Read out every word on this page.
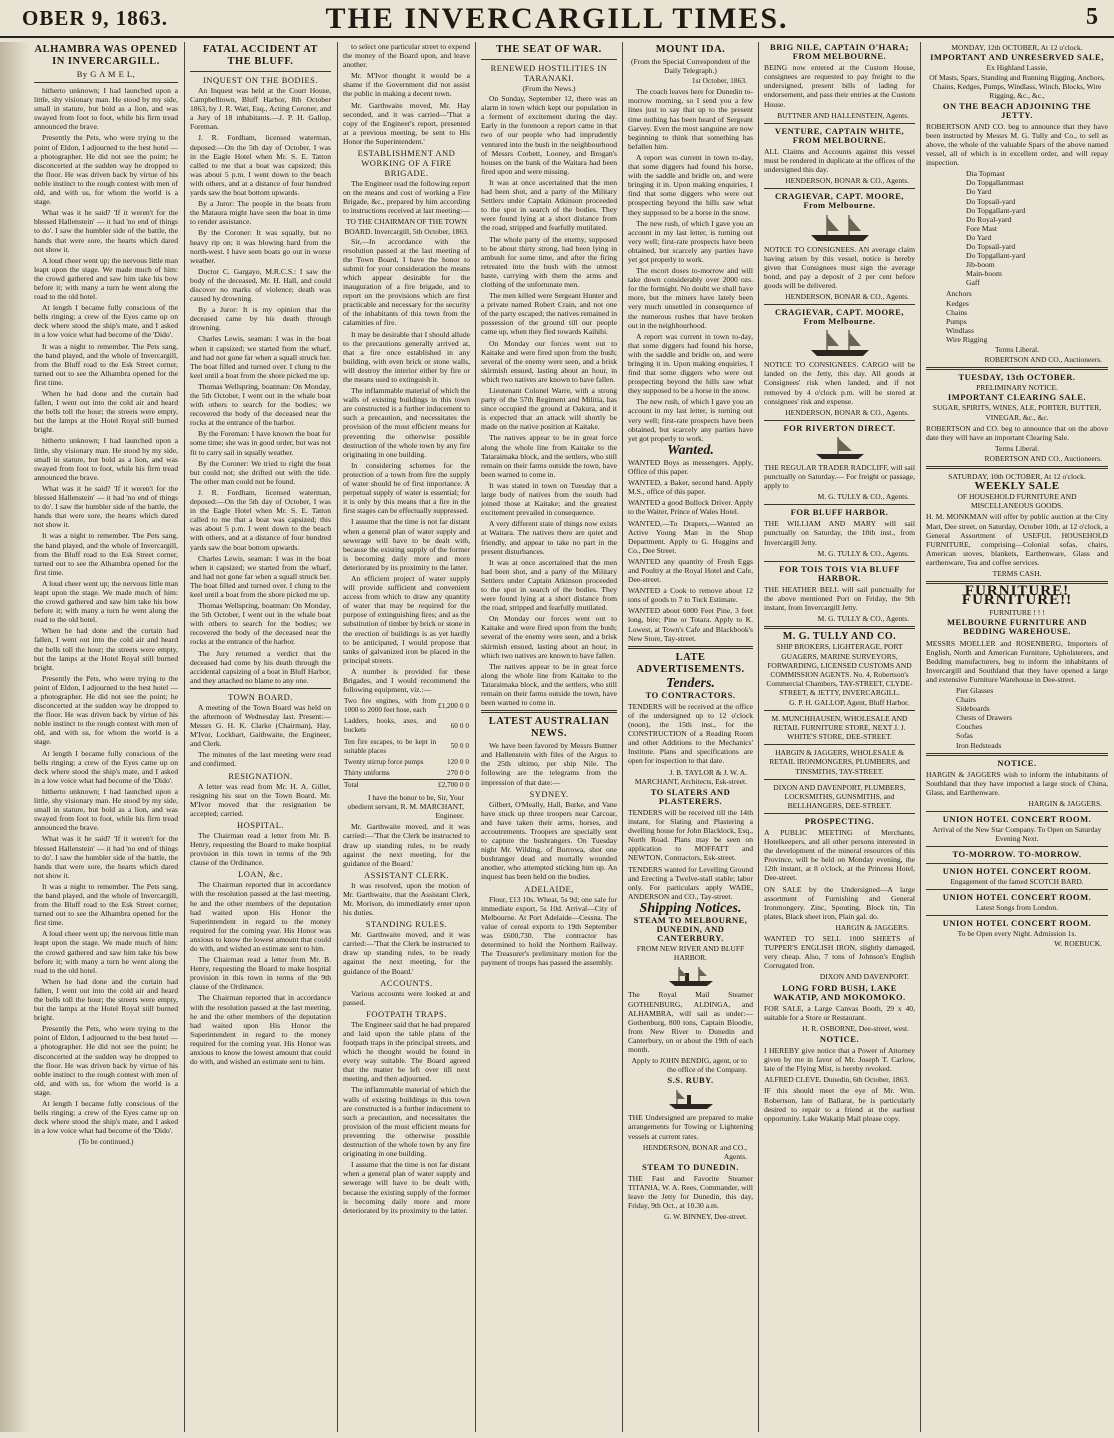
OBER 9, 1863.	THE INVERCARGILL TIMES.	5
ALHAMBRA WAS OPENED IN INVERCARGILL.
By G A M E L,

hitherto unknown; I had launched upon a little, shy visionary man. He stood by my side, small in stature, but bold as a lion, and was swayed from foot to foot, while his firm tread announced the brave.

Presently the Pets, who were trying to the point of Eldon, I adjourned to the best hotel — a photographer. He did not see the point; he disconcerted at the sudden way he dropped to the floor. He was driven back by virtue of his noble instinct to the rough contest with men of old, and with us, for whom the world is a stage.

What was it he said? 'If it weren't for the blessed Hallenstein' — it had 'no end of things to do'. I saw the humbler side of the battle, the hands that were sore, the hearts which dared not show it.

A loud cheer went up; the nervous little man leapt upon the stage. We made much of him: the crowd gathered and saw him take his bow before it; with many a turn he went along the road to the old hotel.

At length I became fully conscious of the bells ringing; a crew of the Eyes came up on deck where stood the ship's mate, and I asked in a low voice what had become of the 'Dido'.

It was a night to remember. The Pets sang, the band played, and the whole of Invercargill, from the Bluff road to the Esk Street corner, turned out to see the Alhambra opened for the first time.

When he had done and the curtain had fallen, I went out into the cold air and heard the bells toll the hour; the streets were empty, but the lamps at the Hotel Royal still burned bright.

hitherto unknown; I had launched upon a little, shy visionary man. He stood by my side, small in stature, but bold as a lion, and was swayed from foot to foot, while his firm tread announced the brave.

What was it he said? 'If it weren't for the blessed Hallenstein' — it had 'no end of things to do'. I saw the humbler side of the battle, the hands that were sore, the hearts which dared not show it.

It was a night to remember. The Pets sang, the band played, and the whole of Invercargill, from the Bluff road to the Esk Street corner, turned out to see the Alhambra opened for the first time.

A loud cheer went up; the nervous little man leapt upon the stage. We made much of him: the crowd gathered and saw him take his bow before it; with many a turn he went along the road to the old hotel.

When he had done and the curtain had fallen, I went out into the cold air and heard the bells toll the hour; the streets were empty, but the lamps at the Hotel Royal still burned bright.

Presently the Pets, who were trying to the point of Eldon, I adjourned to the best hotel — a photographer. He did not see the point; he disconcerted at the sudden way he dropped to the floor. He was driven back by virtue of his noble instinct to the rough contest with men of old, and with us, for whom the world is a stage.

At length I became fully conscious of the bells ringing; a crew of the Eyes came up on deck where stood the ship's mate, and I asked in a low voice what had become of the 'Dido'.

hitherto unknown; I had launched upon a little, shy visionary man. He stood by my side, small in stature, but bold as a lion, and was swayed from foot to foot, while his firm tread announced the brave.

What was it he said? 'If it weren't for the blessed Hallenstein' — it had 'no end of things to do'. I saw the humbler side of the battle, the hands that were sore, the hearts which dared not show it.

It was a night to remember. The Pets sang, the band played, and the whole of Invercargill, from the Bluff road to the Esk Street corner, turned out to see the Alhambra opened for the first time.

A loud cheer went up; the nervous little man leapt upon the stage. We made much of him: the crowd gathered and saw him take his bow before it; with many a turn he went along the road to the old hotel.

When he had done and the curtain had fallen, I went out into the cold air and heard the bells toll the hour; the streets were empty, but the lamps at the Hotel Royal still burned bright.

Presently the Pets, who were trying to the point of Eldon, I adjourned to the best hotel — a photographer. He did not see the point; he disconcerted at the sudden way he dropped to the floor. He was driven back by virtue of his noble instinct to the rough contest with men of old, and with us, for whom the world is a stage.

At length I became fully conscious of the bells ringing; a crew of the Eyes came up on deck where stood the ship's mate, and I asked in a low voice what had become of the 'Dido'.

(To be continued.)
FATAL ACCIDENT AT THE BLUFF.
INQUEST ON THE BODIES.

An Inquest was held at the Court House, Campbelltown, Bluff Harbor, 8th October 1863, by J. R. Watt, Esq., Acting Coroner, and a Jury of 18 inhabitants.—J. P. H. Gallop, Foreman.

J. R. Fordham, licensed waterman, deposed:—On the 5th day of October, I was in the Eagle Hotel when Mr. S. E. Tatton called to me that a boat was capsized; this was about 5 p.m. I went down to the beach with others, and at a distance of four hundred yards saw the boat bottom upwards.

By a Juror: The people in the boats from the Mataura might have seen the boat in time to render assistance.

By the Coroner: It was squally, but no heavy rip on; it was blowing hard from the north-west. I have seen boats go out in worse weather.

Doctor C. Gargayo, M.R.C.S.: I saw the body of the deceased, Mr. H. Hall, and could discover no marks of violence; death was caused by drowning.

By a Juror: It is my opinion that the deceased came by his death through drowning.

Charles Lewis, seaman: I was in the boat when it capsized; we started from the wharf, and had not gone far when a squall struck her. The boat filled and turned over. I clung to the keel until a boat from the shore picked me up.

Thomas Wellspring, boatman: On Monday, the 5th October, I went out in the whale boat with others to search for the bodies; we recovered the body of the deceased near the rocks at the entrance of the harbor.

By the Foreman: I have known the boat for some time; she was in good order, but was not fit to carry sail in squally weather.

By the Coroner: We tried to right the boat but could not; she drifted out with the tide. The other man could not be found.

J. R. Fordham, licensed waterman, deposed:—On the 5th day of October, I was in the Eagle Hotel when Mr. S. E. Tatton called to me that a boat was capsized; this was about 5 p.m. I went down to the beach with others, and at a distance of four hundred yards saw the boat bottom upwards.

Charles Lewis, seaman: I was in the boat when it capsized; we started from the wharf, and had not gone far when a squall struck her. The boat filled and turned over. I clung to the keel until a boat from the shore picked me up.

Thomas Wellspring, boatman: On Monday, the 5th October, I went out in the whale boat with others to search for the bodies; we recovered the body of the deceased near the rocks at the entrance of the harbor.

The Jury returned a verdict that the deceased had come by his death through the accidental capsizing of a boat in Bluff Harbor, and they attached no blame to any one.

TOWN BOARD.

A meeting of the Town Board was held on the afternoon of Wednesday last. Present:—Messrs G. H. K. Clarke (Chairman), Hay, M'Ivor, Lockhart, Gaithwaite, the Engineer, and Clerk.

The minutes of the last meeting were read and confirmed.

RESIGNATION.

A letter was read from Mr. H. A. Gillet, resigning his seat on the Town Board. Mr. M'Ivor moved that the resignation be accepted; carried.

HOSPITAL.

The Chairman read a letter from Mr. B. Henry, requesting the Board to make hospital provision in this town in terms of the 9th clause of the Ordinance.

LOAN, &c.

The Chairman reported that in accordance with the resolution passed at the last meeting, he and the other members of the deputation had waited upon His Honor the Superintendent in regard to the money required for the coming year. His Honor was anxious to know the lowest amount that could do with, and wished an estimate sent to him.

The Chairman read a letter from Mr. B. Henry, requesting the Board to make hospital provision in this town in terms of the 9th clause of the Ordinance.

The Chairman reported that in accordance with the resolution passed at the last meeting, he and the other members of the deputation had waited upon His Honor the Superintendent in regard to the money required for the coming year. His Honor was anxious to know the lowest amount that could do with, and wished an estimate sent to him.

to select one particular street to expend the money of the Board upon, and leave another.

Mr. M'Ivor thought it would be a shame if the Government did not assist the public in making a decent town.

Mr. Garthwaite moved, Mr. Hay seconded, and it was carried—'That a copy of the Engineer's report, presented at a previous meeting, be sent to His Honor the Superintendent.'

ESTABLISHMENT AND WORKING OF A FIRE BRIGADE.

The Engineer read the following report on the means and cost of working a Fire Brigade, &c., prepared by him according to instructions received at last meeting:—

TO THE CHAIRMAN OF THE TOWN BOARD. Invercargill, 5th October, 1863.

Sir,—In accordance with the resolution passed at the last meeting of the Town Board, I have the honor to submit for your consideration the means which appear desirable for the inauguration of a fire brigade, and to report on the provisions which are first practicable and necessary for the security of the inhabitants of this town from the calamities of fire.

It may be desirable that I should allude to the precautions generally arrived at, that a fire once established in any building, with even brick or stone walls, will destroy the interior either by fire or the means used to extinguish it.

The inflammable material of which the walls of existing buildings in this town are constructed is a further inducement to such a precaution, and necessitates the provision of the most efficient means for preventing the otherwise possible destruction of the whole town by any fire originating in one building.

In considering schemes for the protection of a town from fire the supply of water should be of first importance. A perpetual supply of water is essential; for it is only by this means that a fire in the first stages can be effectually suppressed.

I assume that the time is not far distant when a general plan of water supply and sewerage will have to be dealt with, because the existing supply of the former is becoming daily more and more deteriorated by its proximity to the latter.

An efficient project of water supply will provide sufficient and convenient access from which to draw any quantity of water that may be required for the purpose of extinguishing fires; and as the substitution of timber by brick or stone in the erection of buildings is as yet hardly to be anticipated, I would propose that tanks of galvanized iron be placed in the principal streets.

A number is provided for these Brigades, and I would recommend the following equipment, viz.:—

Two fire engines, with from 1000 to 2000 feet hose, each	£1,200	0	0
Ladders, hooks, axes, and buckets	60	0	0
Ten fire escapes, to be kept in suitable places	50	0	0
Twenty stirrup force pumps	120	0	0
Thirty uniforms	270	0	0
Total	£2,700	0	0
I have the honor to be, Sir, Your obedient servant, R. M. MARCHANT, Engineer.

Mr. Garthwaite moved, and it was carried:—'That the Clerk be instructed to draw up standing rules, to be ready against the next meeting, for the guidance of the Board.'

ASSISTANT CLERK.

It was resolved, upon the motion of Mr. Garthwaite, that the Assistant Clerk, Mr. Morison, do immediately enter upon his duties.

STANDING RULES.

Mr. Garthwaite moved, and it was carried:—'That the Clerk be instructed to draw up standing rules, to be ready against the next meeting, for the guidance of the Board.'

ACCOUNTS.

Various accounts were looked at and passed.

FOOTPATH TRAPS.

The Engineer said that he had prepared and laid upon the table plans of the footpath traps in the principal streets, and which he thought would be found in every way suitable. The Board agreed that the matter be left over till next meeting, and then adjourned.

The inflammable material of which the walls of existing buildings in this town are constructed is a further inducement to such a precaution, and necessitates the provision of the most efficient means for preventing the otherwise possible destruction of the whole town by any fire originating in one building.

I assume that the time is not far distant when a general plan of water supply and sewerage will have to be dealt with, because the existing supply of the former is becoming daily more and more deteriorated by its proximity to the latter.

THE SEAT OF WAR.
RENEWED HOSTILITIES IN TARANAKI.
(From the News.)

On Sunday, September 12, there was an alarm in town which kept our population in a ferment of excitement during the day. Early in the forenoon a report came in that two of our people who had imprudently ventured into the bush in the neighbourhood of Messrs Corbett, Looney, and Brogan's houses on the bank of the Waitara had been fired upon and were missing.

It was at once ascertained that the men had been shot, and a party of the Military Settlers under Captain Atkinson proceeded to the spot in search of the bodies. They were found lying at a short distance from the road, stripped and fearfully mutilated.

The whole party of the enemy, supposed to be about thirty strong, had been lying in ambush for some time, and after the firing retreated into the bush with the utmost haste, carrying with them the arms and clothing of the unfortunate men.

The men killed were Sergeant Hunter and a private named Robert Crain, and not one of the party escaped; the natives remained in possession of the ground till our people came up, when they fled towards Kaihihi.

On Monday our forces went out to Kaitake and were fired upon from the bush; several of the enemy were seen, and a brisk skirmish ensued, lasting about an hour, in which two natives are known to have fallen.

Lieutenant Colonel Warre, with a strong party of the 57th Regiment and Militia, has since occupied the ground at Oakura, and it is expected that an attack will shortly be made on the native position at Kaitake.

The natives appear to be in great force along the whole line from Kaitake to the Tataraimaka block, and the settlers, who still remain on their farms outside the town, have been warned to come in.

It was stated in town on Tuesday that a large body of natives from the south had joined those at Kaitake; and the greatest excitement prevailed in consequence.

A very different state of things now exists at Waitara. The natives there are quiet and friendly, and appear to take no part in the present disturbances.

It was at once ascertained that the men had been shot, and a party of the Military Settlers under Captain Atkinson proceeded to the spot in search of the bodies. They were found lying at a short distance from the road, stripped and fearfully mutilated.

On Monday our forces went out to Kaitake and were fired upon from the bush; several of the enemy were seen, and a brisk skirmish ensued, lasting about an hour, in which two natives are known to have fallen.

The natives appear to be in great force along the whole line from Kaitake to the Tataraimaka block, and the settlers, who still remain on their farms outside the town, have been warned to come in.

LATEST AUSTRALIAN NEWS.

We have been favored by Messrs Buttner and Hallenstein with files of the Argus to the 25th ultimo, per ship Nile. The following are the telegrams from the impression of that date:—

SYDNEY.

Gilbert, O'Meally, Hall, Burke, and Vane have stuck up three troopers near Carcoar, and have taken their arms, horses, and accoutrements. Troopers are specially sent to capture the bushrangers. On Tuesday night Mr. Wilding, of Burrowa, shot one bushranger dead and mortally wounded another, who attempted sticking him up. An inquest has been held on the bodies.

ADELAIDE,

Flour, £13 10s. Wheat, 5s 9d; one sale for immediate export, 5s 10d. Arrival—City of Melbourne. At Port Adelaide—Cessna. The value of cereal exports to 19th September was £600,730. The contractor has determined to hold the Northern Railway. The Treasurer's preliminary motion for the payment of troops has passed the assembly.

MOUNT IDA.
(From the Special Correspondent of the Daily Telegraph.)
1st October, 1863.

The coach leaves here for Dunedin to-morrow morning, so I send you a few lines just to say that up to the present time nothing has been heard of Sergeant Garvey. Even the most sanguine are now beginning to think that something has befallen him.

A report was current in town to-day, that some diggers had found his horse, with the saddle and bridle on, and were bringing it in. Upon making enquiries, I find that some diggers who were out prospecting beyond the hills saw what they supposed to be a horse in the snow.

The new rush, of which I gave you an account in my last letter, is turning out very well; first-rate prospects have been obtained, but scarcely any parties have yet got properly to work.

The escort doses to-morrow and will take down considerably over 2000 ozs. for the fortnight. No doubt we shall have more, but the miners have lately been very much unsettled in consequence of the numerous rushes that have broken out in the neighbourhood.

A report was current in town to-day, that some diggers had found his horse, with the saddle and bridle on, and were bringing it in. Upon making enquiries, I find that some diggers who were out prospecting beyond the hills saw what they supposed to be a horse in the snow.

The new rush, of which I gave you an account in my last letter, is turning out very well; first-rate prospects have been obtained, but scarcely any parties have yet got properly to work.

Wanted.
WANTED Boys as messengers. Apply, Office of this paper.
WANTED, a Baker, second hand. Apply M.S., office of this paper.
WANTED a good Bullock Driver. Apply to the Waiter, Prince of Wales Hotel.
WANTED,—To Drapers,—Wanted an Active Young Man in the Shop Department. Apply to G. Huggins and Co., Dee Street.
WANTED any quantity of Fresh Eggs and Poultry at the Royal Hotel and Cafe, Dee-street.
WANTED a Cook to remove about 12 tons of goods to 7 to Tuck Estimate.
WANTED about 6000 Feet Pine, 3 feet long, bire; Pine or Totara. Apply to K. Lowest, at Town's Cafe and Blackbook's New Store, Tay-street.
LATE ADVERTISEMENTS.
Tenders.
TO CONTRACTORS.
TENDERS will be received at the office of the undersigned up to 12 o'clock (noon), the 15th inst., for the CONSTRUCTION of a Reading Room and other Additions to the Mechanics' Institute. Plans and specifications are open for inspection to that date.
J. B. TAYLOR & J. W. A. MARCHANT, Architects, Esk-street.
TO SLATERS AND PLASTERERS.
TENDERS will be received till the 14th instant, for Slating and Plastering a dwelling house for John Blacklock, Esq., North Road. Plans may be seen on application to MOFFATT and NEWTON, Contractors, Esk-street.
TENDERS wanted for Levelling Ground and Erecting a Twelve-stall stable; labor only. For particulars apply WADE, ANDERSON and CO., Tay-street.
Shipping Notices.
STEAM TO MELBOURNE, DUNEDIN, AND CANTERBURY.
FROM NEW RIVER AND BLUFF HARBOR.
The Royal Mail Steamer GOTHENBURG, ALDINGA, and ALHAMBRA, will sail as under:—Gothenburg, 800 tons, Captain Bloodie, from New River to Dunedin and Canterbury, on or about the 19th of each month.
Apply to JOHN BENDIG, agent, or to the office of the Company.
S.S. RUBY.
THE Undersigned are prepared to make arrangements for Towing or Lightening vessels at current rates.
HENDERSON, BONAR and CO., Agents.
STEAM TO DUNEDIN.
THE Fast and Favorite Steamer TITANIA, W. A. Rees, Commander, will leave the Jetty for Dunedin, this day, Friday, 9th Oct., at 10.30 a.m.
G. W. BINNEY, Dee-street.
BRIG NILE, CAPTAIN O'HARA; FROM MELBOURNE.
BEING now entered at the Custom House, consignees are requested to pay freight to the undersigned, present bills of lading for endorsement, and pass their entries at the Custom House.
BUTTNER AND HALLENSTEIN, Agents.
VENTURE, CAPTAIN WHITE, FROM MELBOURNE.
ALL Claims and Accounts against this vessel must be rendered in duplicate at the offices of the undersigned this day.
HENDERSON, BONAR & CO., Agents.
CRAGIEVAR, CAPT. MOORE, From Melbourne.
NOTICE TO CONSIGNEES. AN average claim having arisen by this vessel, notice is hereby given that Consignees must sign the average bond, and pay a deposit of 2 per cent before goods will be delivered.
HENDERSON, BONAR & CO., Agents.
CRAGIEVAR, CAPT. MOORE, From Melbourne.
NOTICE TO CONSIGNEES. CARGO will be landed on the Jetty, this day. All goods at Consignees' risk when landed, and if not removed by 4 o'clock p.m. will be stored at consignees' risk and expense.
HENDERSON, BONAR & CO., Agents.
FOR RIVERTON DIRECT.
THE REGULAR TRADER RADCLIFF, will sail punctually on Saturday.— For freight or passage, apply to
M. G. TULLY & CO., Agents.
FOR BLUFF HARBOR.
THE WILLIAM AND MARY will sail punctually on Saturday, the 10th inst., from Invercargill Jetty.
M. G. TULLY & CO., Agents.
FOR TOIS TOIS VIA BLUFF HARBOR.
THE HEATHER BELL will sail punctually for the above mentioned Port on Friday, the 9th instant, from Invercargill Jetty.
M. G. TULLY & CO., Agents.
M. G. TULLY AND CO.
SHIP BROKERS, LIGHTERAGE, PORT GUAGERS, MARINE SURVEYORS, FORWARDING, LICENSED CUSTOMS AND COMMISSION AGENTS. No. 4, Robertson's Commercial Chambers, TAY-STREET, CLYDE-STREET, & JETTY, INVERCARGILL.
G. P. H. GALLOP, Agent, Bluff Harbor.
M. MUNCHHAUSEN, WHOLESALE AND RETAIL FURNITURE STORE, NEXT J. J. WHITE'S STORE, DEE-STREET.
HARGIN & JAGGERS, WHOLESALE & RETAIL IRONMONGERS, PLUMBERS, and TINSMITHS, TAY-STREET.
DIXON AND DAVENPORT, PLUMBERS, LOCKSMITHS, GUNSMITHS, and BELLHANGERS, DEE-STREET.
PROSPECTING.
A PUBLIC MEETING of Merchants, Hotelkeepers, and all other persons interested in the development of the mineral resources of this Province, will be held on Monday evening, the 12th instant, at 8 o'clock, at the Princess Hotel, Dee-street.
ON SALE by the Undersigned—A large assortment of Furnishing and General Ironmongery. Zinc, Spouting, Block tin, Tin plates, Black sheet iron, Plain gal. do.
HARGIN & JAGGERS.
WANTED TO SELL 1000 SHEETS of TUPPER'S ENGLISH IRON, slightly damaged, very cheap. Also, 7 tons of Johnson's English Corrugated Iron.
DIXON AND DAVENPORT.
LONG FORD BUSH, LAKE WAKATIP, AND MOKOMOKO.
FOR SALE, a Large Canvas Booth, 29 x 40, suitable for a Store or Restaurant.
H. R. OSBORNE, Dee-street, west.
NOTICE.
I HEREBY give notice that a Power of Attorney given by me in favor of Mr. Joseph T. Carlow, late of the Flying Mist, is hereby revoked.
ALFRED CLEVE. Dunedin, 6th October, 1863.
IF this should meet the eye of Mr. Wm. Robertson, late of Ballarat, he is particularly desired to repair to a friend at the earliest opportunity. Lake Wakatip Mail please copy.
MONDAY, 12th OCTOBER, At 12 o'clock.
IMPORTANT AND UNRESERVED SALE,
Ex Highland Lassie,
Of Masts, Spars, Standing and Running Rigging, Anchors, Chains, Kedges, Pumps, Windlass, Winch, Blocks, Wire Rigging, &c., &c.,
ON THE BEACH ADJOINING THE JETTY.
ROBERTSON AND CO. beg to announce that they have been instructed by Messrs M. G. Tully and Co., to sell as above, the whole of the valuable Spars of the above named vessel, all of which is in excellent order, and will repay inspection.
Dia Topmast
Do Topgallantmast
Do Yard
Do Topsail-yard
Do Topgallant-yard
Do Royal-yard
Fore Mast
Do Yard
Do Topsail-yard
Do Topgallant-yard
Jib-boom
Main-boom
Gaff
Anchors
Kedges
Chains
Pumps
Windlass
Wire Rigging
Terms Liberal.
ROBERTSON AND CO., Auctioneers.
TUESDAY, 13th OCTOBER.
PRELIMINARY NOTICE.
IMPORTANT CLEARING SALE.
SUGAR, SPIRITS, WINES, ALE, PORTER, BUTTER, VINEGAR, &c., &c.
ROBERTSON and CO. beg to announce that on the above date they will have an important Clearing Sale.
Terms Liberal.
ROBERTSON AND CO., Auctioneers.
SATURDAY, 10th OCTOBER, At 12 o'clock.
WEEKLY SALE
OF HOUSEHOLD FURNITURE AND MISCELLANEOUS GOODS.
H. M. MONKMAN will offer by public auction at the City Mart, Dee street, on Saturday, October 10th, at 12 o'clock, a General Assortment of USEFUL HOUSEHOLD FURNITURE, comprising—Colonial sofas, chairs, American stoves, blankets, Earthenware, Glass and earthenware, Tea and coffee services.
TERMS CASH.
FURNITURE! FURNITURE!!
FURNITURE ! ! !
MELBOURNE FURNITURE AND BEDDING WAREHOUSE.
MESSRS MOELLER and ROSENBERG, Importers of English, North and American Furniture, Upholsterers, and Bedding manufacturers, beg to inform the inhabitants of Invercargill and Southland that they have opened a large and extensive Furniture Warehouse in Dee-street.
Pier Glasses
Chairs
Sideboards
Chests of Drawers
Couches
Sofas
Iron Bedsteads
NOTICE.
HARGIN & JAGGERS wish to inform the inhabitants of Southland that they have imported a large stock of China, Glass, and Earthenware.
HARGIN & JAGGERS.
UNION HOTEL CONCERT ROOM.
Arrival of the New Star Company. To Open on Saturday Evening Next.
TO-MORROW. TO-MORROW.
UNION HOTEL CONCERT ROOM.
Engagement of the famed SCOTCH BARD.
UNION HOTEL CONCERT ROOM.
Latest Songs from London.
UNION HOTEL CONCERT ROOM.
To be Open every Night. Admission 1s.
W. ROEBUCK.
